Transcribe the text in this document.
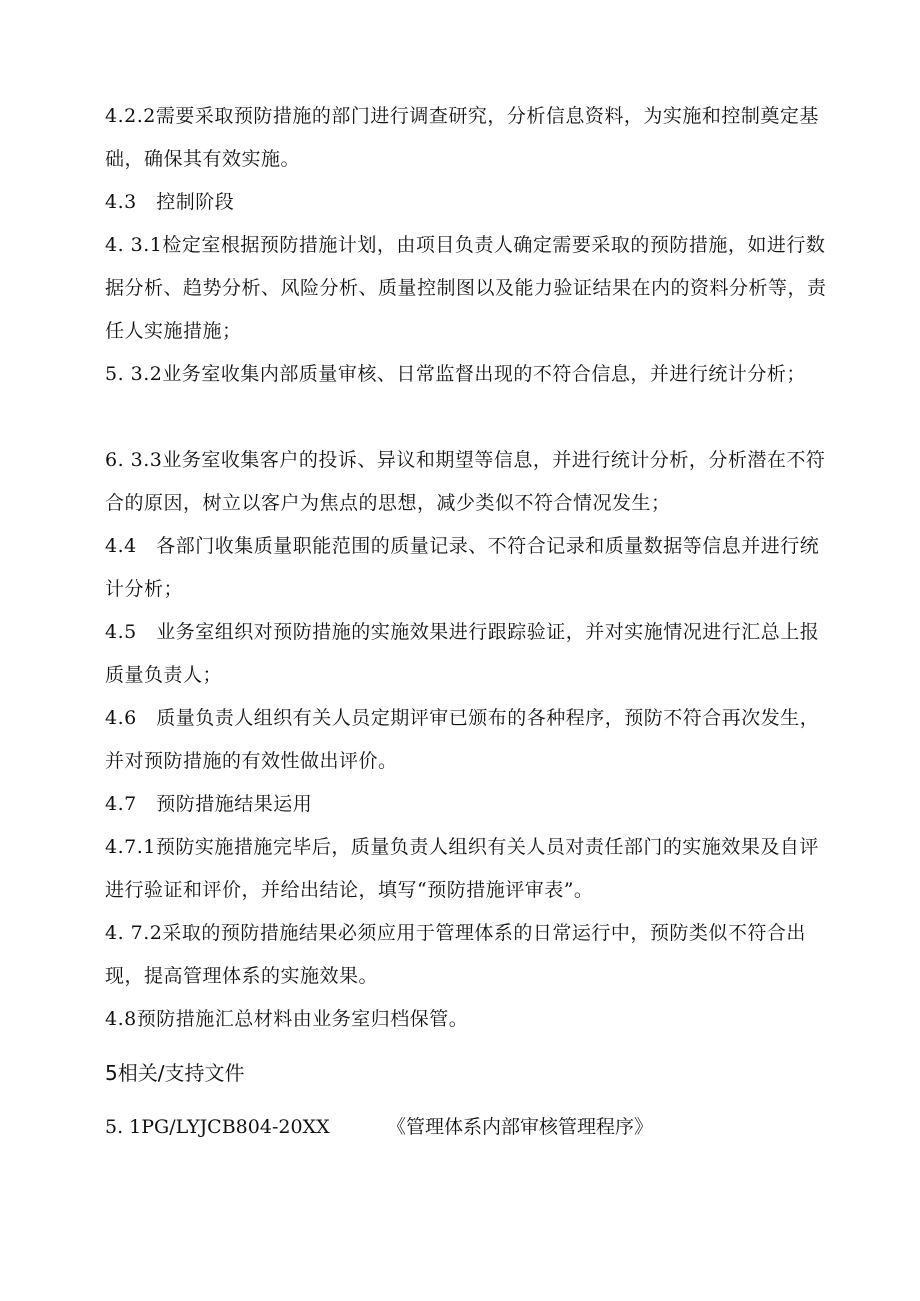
4.2.2需要采取预防措施的部门进行调查研究，分析信息资料，为实施和控制奠定基础，确保其有效实施。

4.3　控制阶段

4. 3.1检定室根据预防措施计划，由项目负责人确定需要采取的预防措施，如进行数据分析、趋势分析、风险分析、质量控制图以及能力验证结果在内的资料分析等，责任人实施措施；

5. 3.2业务室收集内部质量审核、日常监督出现的不符合信息，并进行统计分析；

6. 3.3业务室收集客户的投诉、异议和期望等信息，并进行统计分析，分析潜在不符合的原因，树立以客户为焦点的思想，减少类似不符合情况发生；

4.4　各部门收集质量职能范围的质量记录、不符合记录和质量数据等信息并进行统计分析；

4.5　业务室组织对预防措施的实施效果进行跟踪验证，并对实施情况进行汇总上报质量负责人；

4.6　质量负责人组织有关人员定期评审已颁布的各种程序，预防不符合再次发生，并对预防措施的有效性做出评价。

4.7　预防措施结果运用

4.7.1预防实施措施完毕后，质量负责人组织有关人员对责任部门的实施效果及自评进行验证和评价，并给出结论，填写“预防措施评审表”。

4. 7.2采取的预防措施结果必须应用于管理体系的日常运行中，预防类似不符合出现，提高管理体系的实施效果。

4.8预防措施汇总材料由业务室归档保管。

5相关/支持文件

5. 1PG/LYJCB804-20XX	《管理体系内部审核管理程序》
